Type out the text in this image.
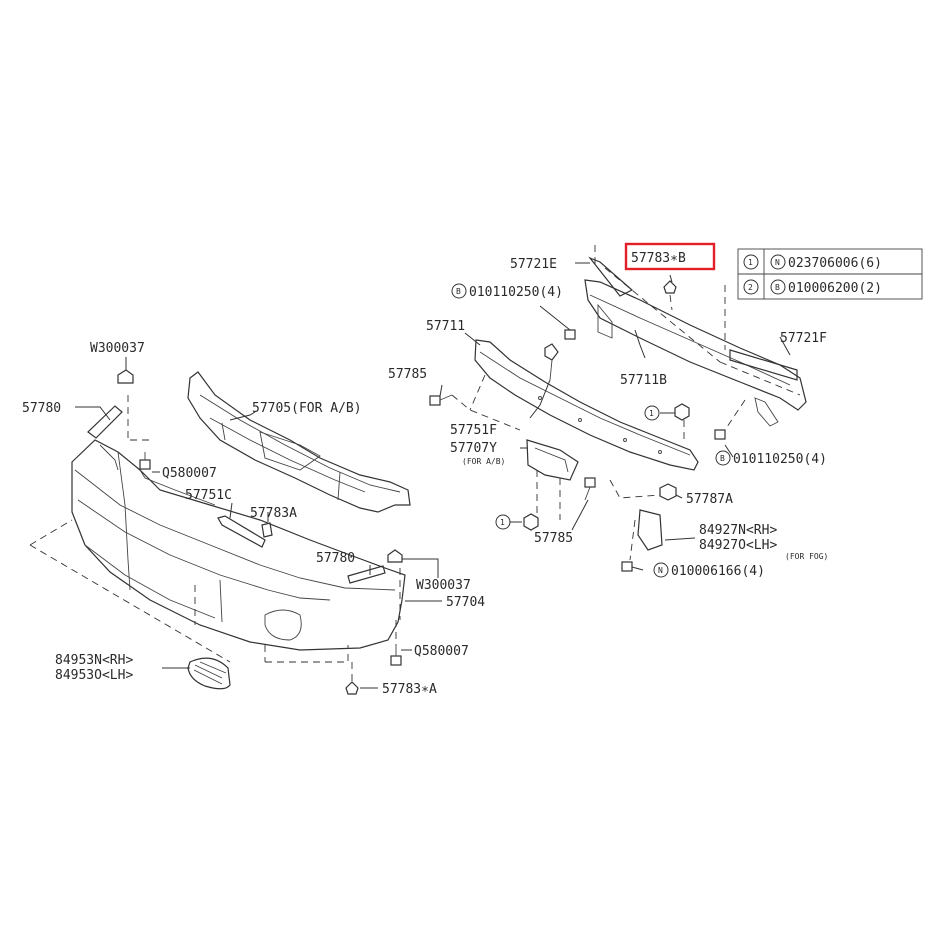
W300037
57780	57705(FOR A/B)
Q580007
57751C
57783A
57780
W300037
57704
Q580007
84953N<RH>
84953O<LH>
57783∗A
57721E	57783∗B
B 010110250(4)
57711
57711B
57721F
57785
57751F
57707Y
(FOR A/B)
1
B 010110250(4)
57787A
84927N<RH>
84927O<LH>
(FOR FOG)
1
57785
N 010006166(4)
1	N 023706006(6)
2	B 010006200(2)
